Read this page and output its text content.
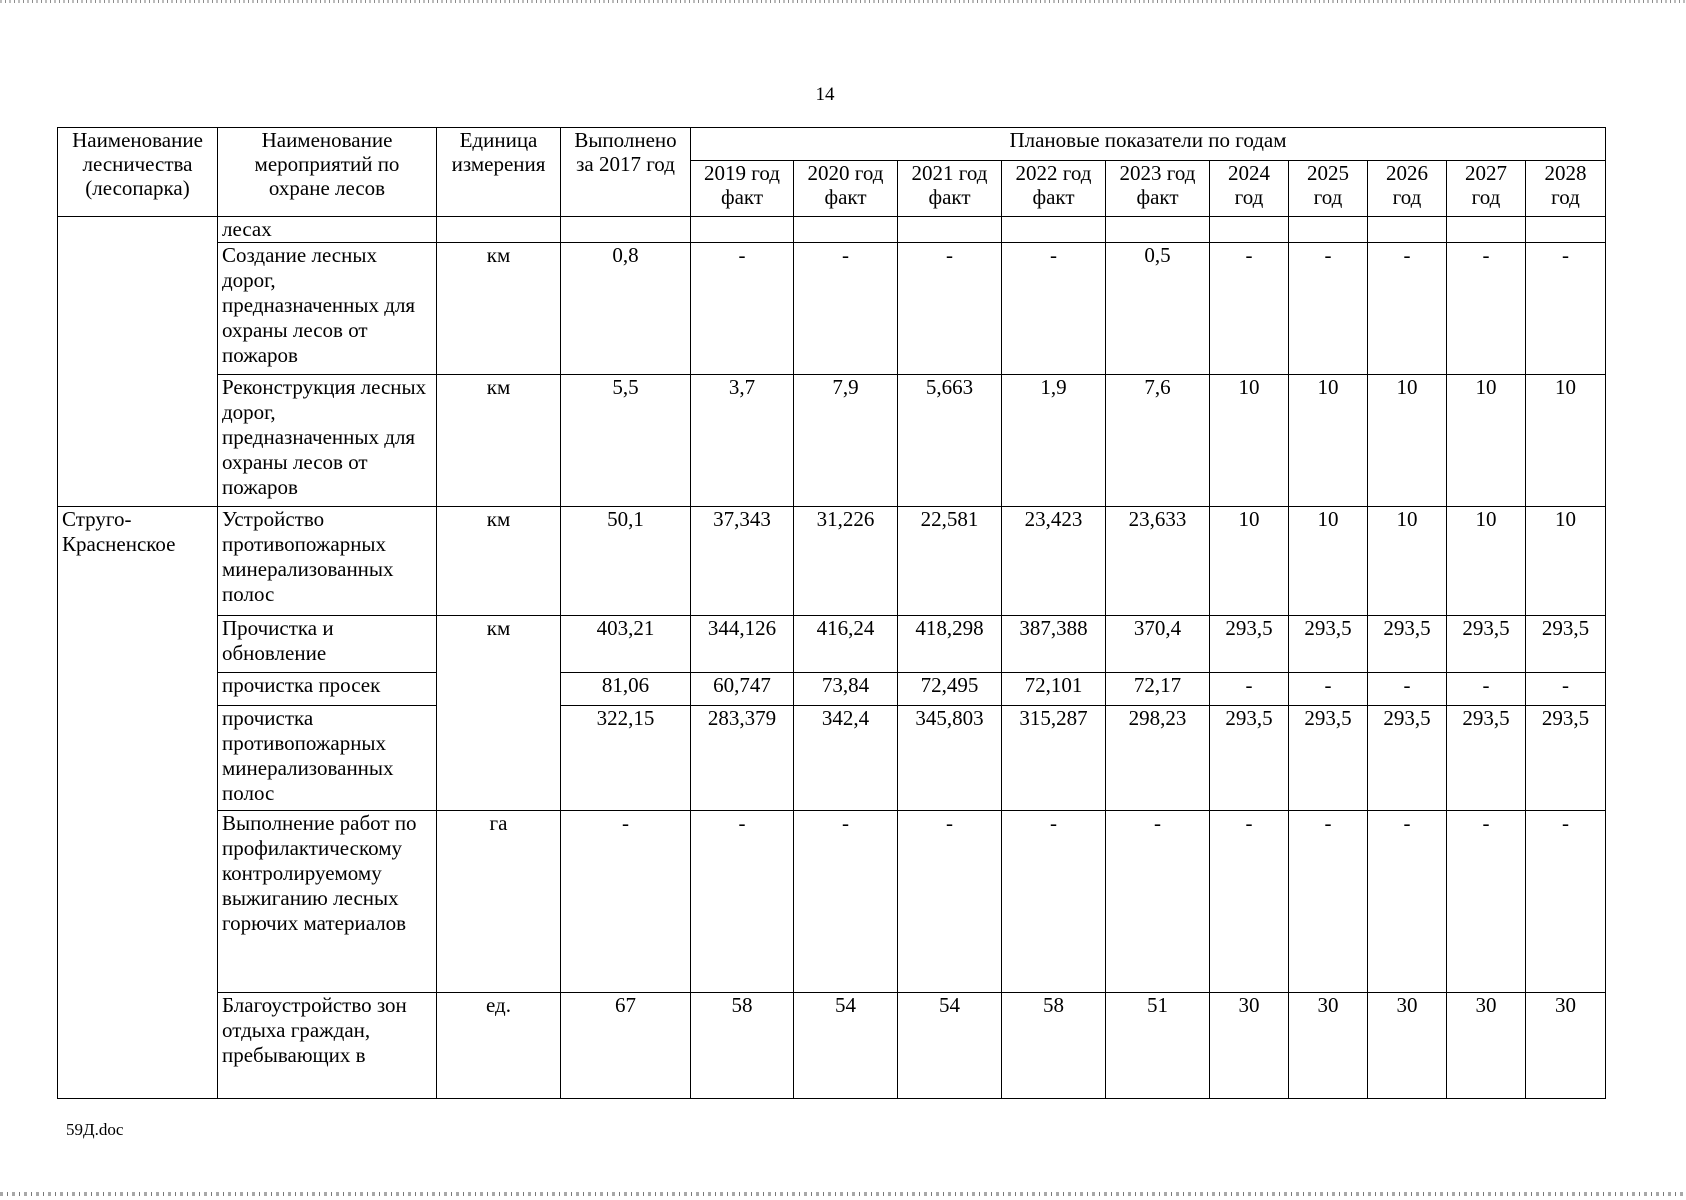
14
Наименование лесничества (лесопарка)	Наименование мероприятий по охране лесов	Единица измерения	Выполнено за 2017 год	Плановые показатели по годам									
				2019 год факт	2020 год факт	2021 год факт	2022 год факт	2023 год факт	2024 год	2025 год	2026 год	2027 год	2028 год
	лесах												
	Создание лесных дорог, предназначенных для охраны лесов от пожаров	км	0,8	-	-	-	-	0,5	-	-	-	-	-
	Реконструкция лесных дорог, предназначенных для охраны лесов от пожаров	км	5,5	3,7	7,9	5,663	1,9	7,6	10	10	10	10	10
Струго-Красненское	Устройство противопожарных минерализованных полос	км	50,1	37,343	31,226	22,581	23,423	23,633	10	10	10	10	10
	Прочистка и обновление	км	403,21	344,126	416,24	418,298	387,388	370,4	293,5	293,5	293,5	293,5	293,5
	прочистка просек		81,06	60,747	73,84	72,495	72,101	72,17	-	-	-	-	-
	прочистка противопожарных минерализованных полос		322,15	283,379	342,4	345,803	315,287	298,23	293,5	293,5	293,5	293,5	293,5
	Выполнение работ по профилактическому контролируемому выжиганию лесных горючих материалов	га	-	-	-	-	-	-	-	-	-	-	-
	Благоустройство зон отдыха граждан, пребывающих в	ед.	67	58	54	54	58	51	30	30	30	30	30
59Д.doc
